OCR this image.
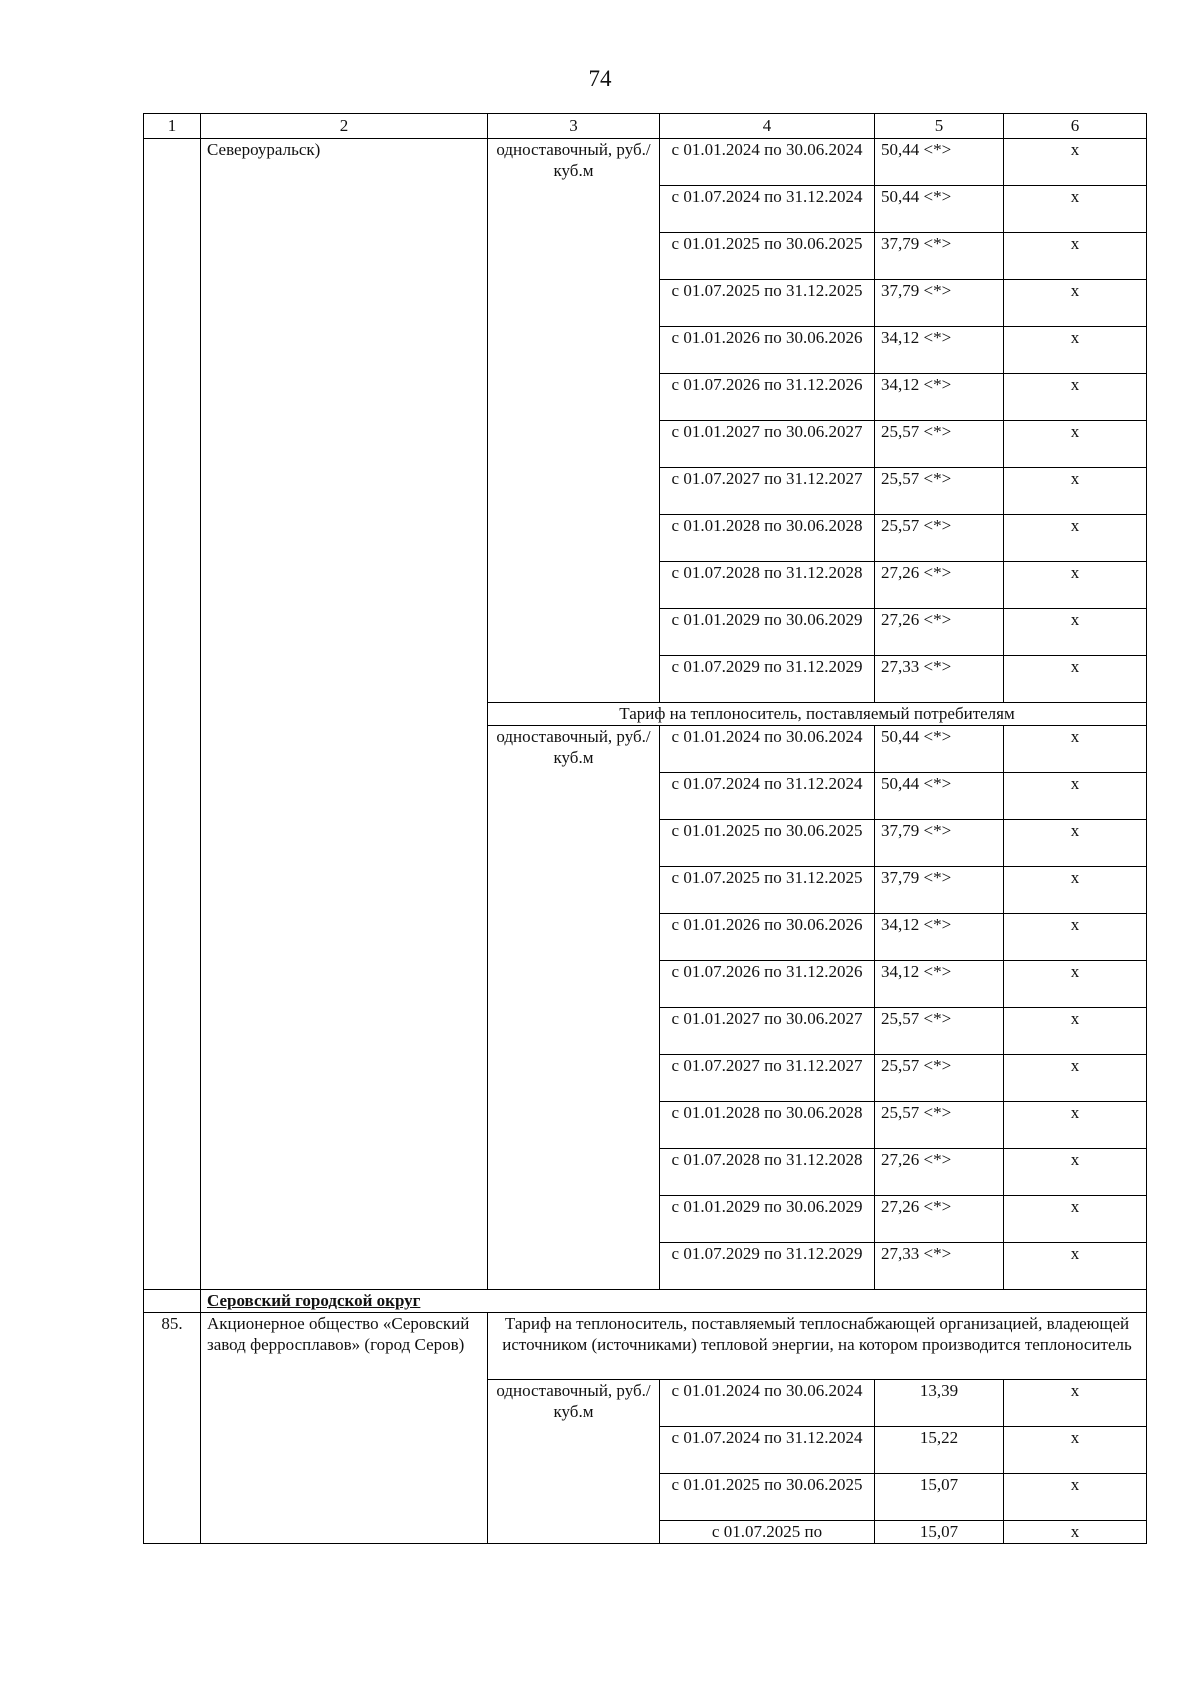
74
1	2	3	4	5	6
	Североуральск)	одноставочный, руб./куб.м	с 01.01.2024 по 30.06.2024	50,44 <*>	х
			с 01.07.2024 по 31.12.2024	50,44 <*>	х
			с 01.01.2025 по 30.06.2025	37,79 <*>	х
			с 01.07.2025 по 31.12.2025	37,79 <*>	х
			с 01.01.2026 по 30.06.2026	34,12 <*>	х
			с 01.07.2026 по 31.12.2026	34,12 <*>	х
			с 01.01.2027 по 30.06.2027	25,57 <*>	х
			с 01.07.2027 по 31.12.2027	25,57 <*>	х
			с 01.01.2028 по 30.06.2028	25,57 <*>	х
			с 01.07.2028 по 31.12.2028	27,26 <*>	х
			с 01.01.2029 по 30.06.2029	27,26 <*>	х
			с 01.07.2029 по 31.12.2029	27,33 <*>	х
		Тариф на теплоноситель, поставляемый потребителям			
		одноставочный, руб./куб.м	с 01.01.2024 по 30.06.2024	50,44 <*>	х
			с 01.07.2024 по 31.12.2024	50,44 <*>	х
			с 01.01.2025 по 30.06.2025	37,79 <*>	х
			с 01.07.2025 по 31.12.2025	37,79 <*>	х
			с 01.01.2026 по 30.06.2026	34,12 <*>	х
			с 01.07.2026 по 31.12.2026	34,12 <*>	х
			с 01.01.2027 по 30.06.2027	25,57 <*>	х
			с 01.07.2027 по 31.12.2027	25,57 <*>	х
			с 01.01.2028 по 30.06.2028	25,57 <*>	х
			с 01.07.2028 по 31.12.2028	27,26 <*>	х
			с 01.01.2029 по 30.06.2029	27,26 <*>	х
			с 01.07.2029 по 31.12.2029	27,33 <*>	х
	Серовский городской округ				
85.	Акционерное общество «Серовский завод ферросплавов» (город Серов)	Тариф на теплоноситель, поставляемый теплоснабжающей организацией, владеющей источником (источниками) тепловой энергии, на котором производится теплоноситель			
		одноставочный, руб./куб.м	с 01.01.2024 по 30.06.2024	13,39	х
			с 01.07.2024 по 31.12.2024	15,22	х
			с 01.01.2025 по 30.06.2025	15,07	х
			с 01.07.2025 по	15,07	х
